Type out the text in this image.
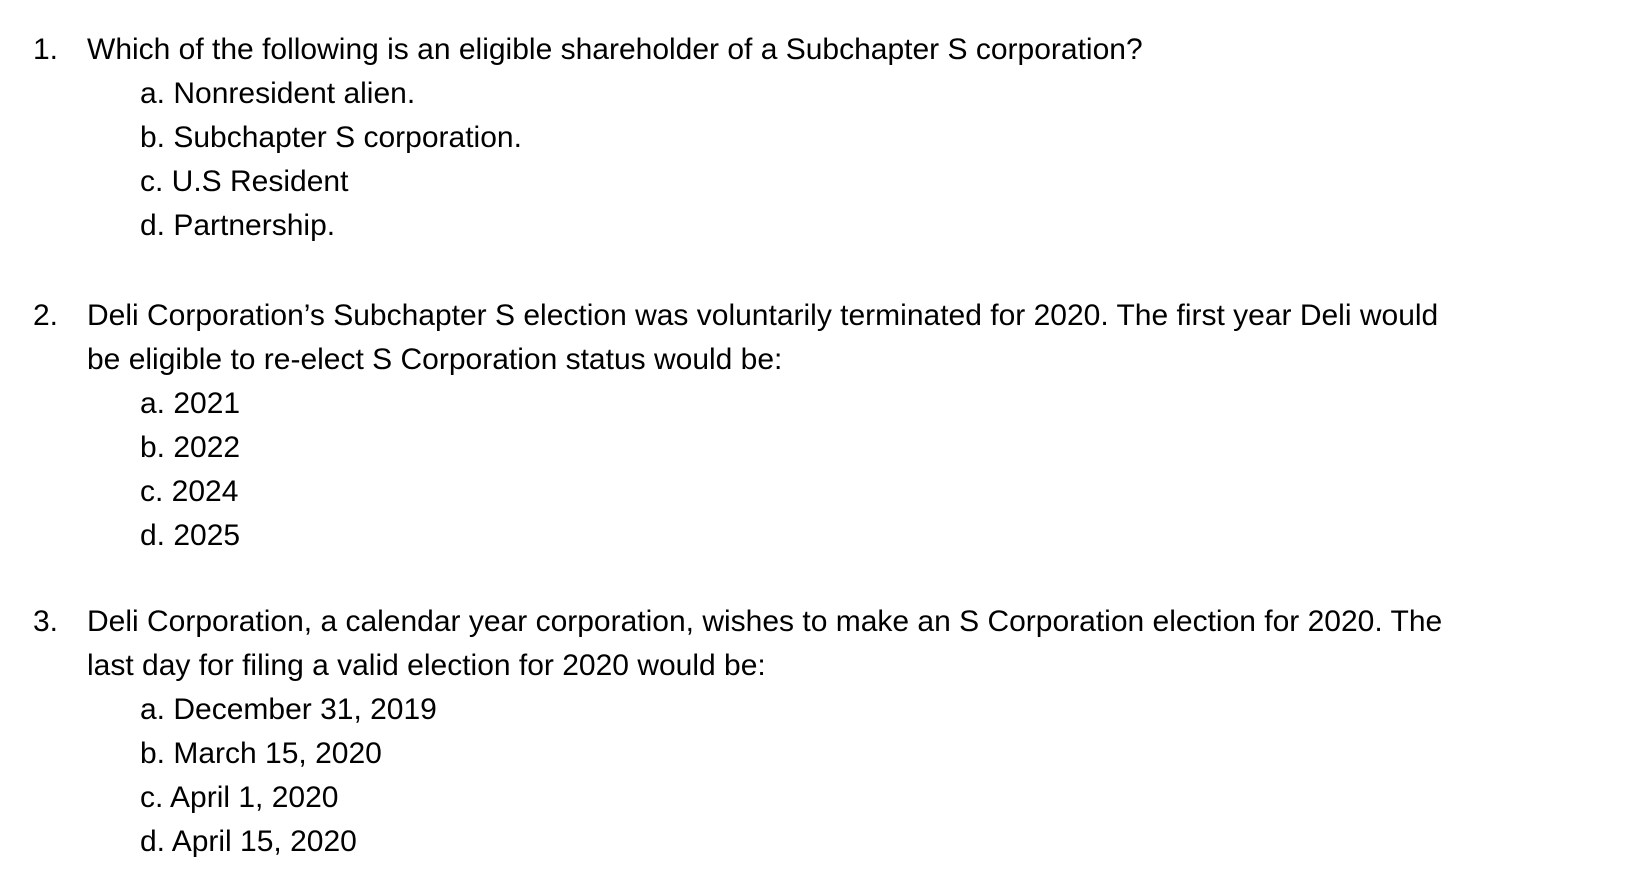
1. Which of the following is an eligible shareholder of a Subchapter S corporation?
a. Nonresident alien.
b. Subchapter S corporation.
c. U.S Resident
d. Partnership.
2. Deli Corporation’s Subchapter S election was voluntarily terminated for 2020. The first year Deli would
be eligible to re-elect S Corporation status would be:
a. 2021
b. 2022
c. 2024
d. 2025
3. Deli Corporation, a calendar year corporation, wishes to make an S Corporation election for 2020. The
last day for filing a valid election for 2020 would be:
a. December 31, 2019
b. March 15, 2020
c. April 1, 2020
d. April 15, 2020
